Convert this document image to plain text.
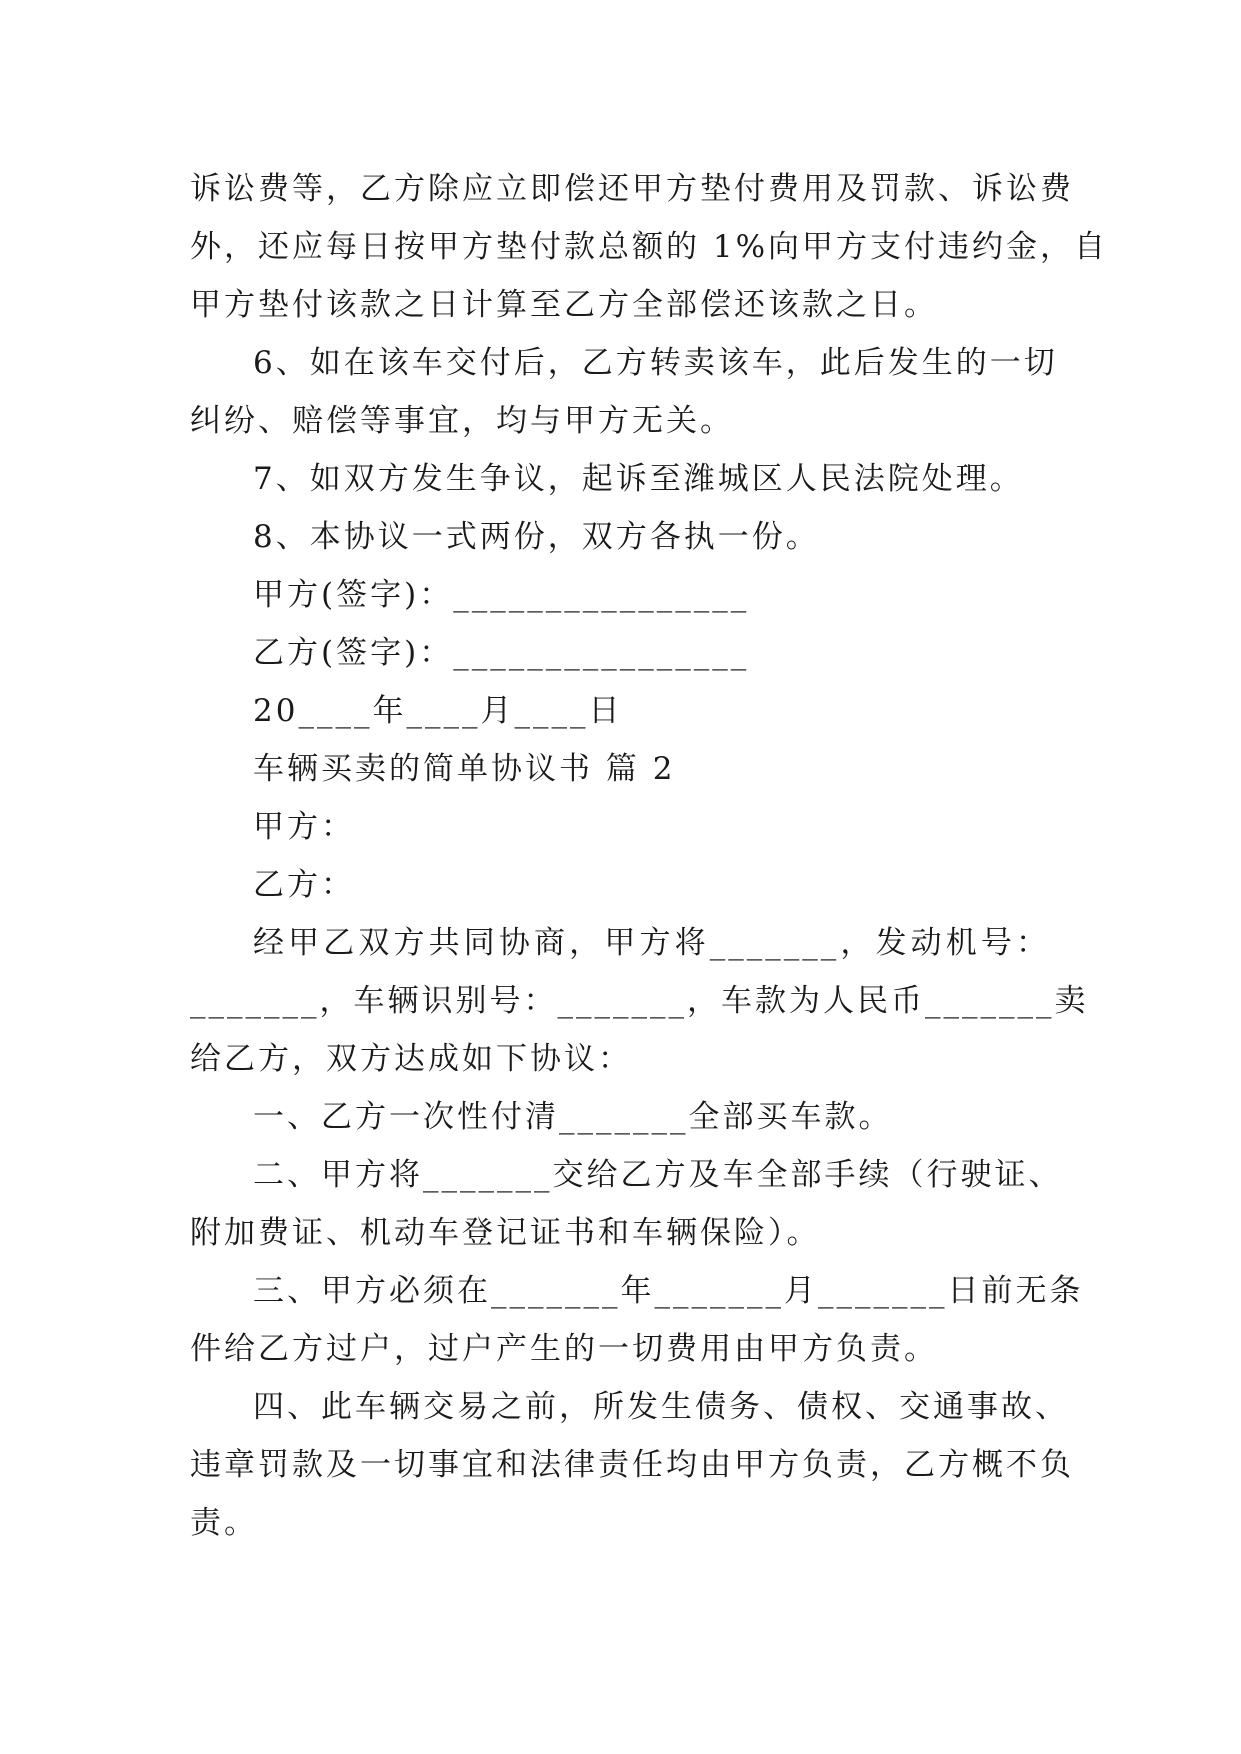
诉讼费等，乙方除应立即偿还甲方垫付费用及罚款、诉讼费
外，还应每日按甲方垫付款总额的 1%向甲方支付违约金，自
甲方垫付该款之日计算至乙方全部偿还该款之日。
6、如在该车交付后，乙方转卖该车，此后发生的一切
纠纷、赔偿等事宜，均与甲方无关。
7、如双方发生争议，起诉至潍城区人民法院处理。
8、本协议一式两份，双方各执一份。
甲方(签字)：________________
乙方(签字)：________________
20____年____月____日
车辆买卖的简单协议书 篇 2
甲方：
乙方：
经甲乙双方共同协商，甲方将_______，发动机号：
_______，车辆识别号：_______，车款为人民币_______卖
给乙方，双方达成如下协议：
一、乙方一次性付清_______全部买车款。
二、甲方将_______交给乙方及车全部手续（行驶证、
附加费证、机动车登记证书和车辆保险）。
三、甲方必须在_______年_______月_______日前无条
件给乙方过户，过户产生的一切费用由甲方负责。
四、此车辆交易之前，所发生债务、债权、交通事故、
违章罚款及一切事宜和法律责任均由甲方负责，乙方概不负
责。
